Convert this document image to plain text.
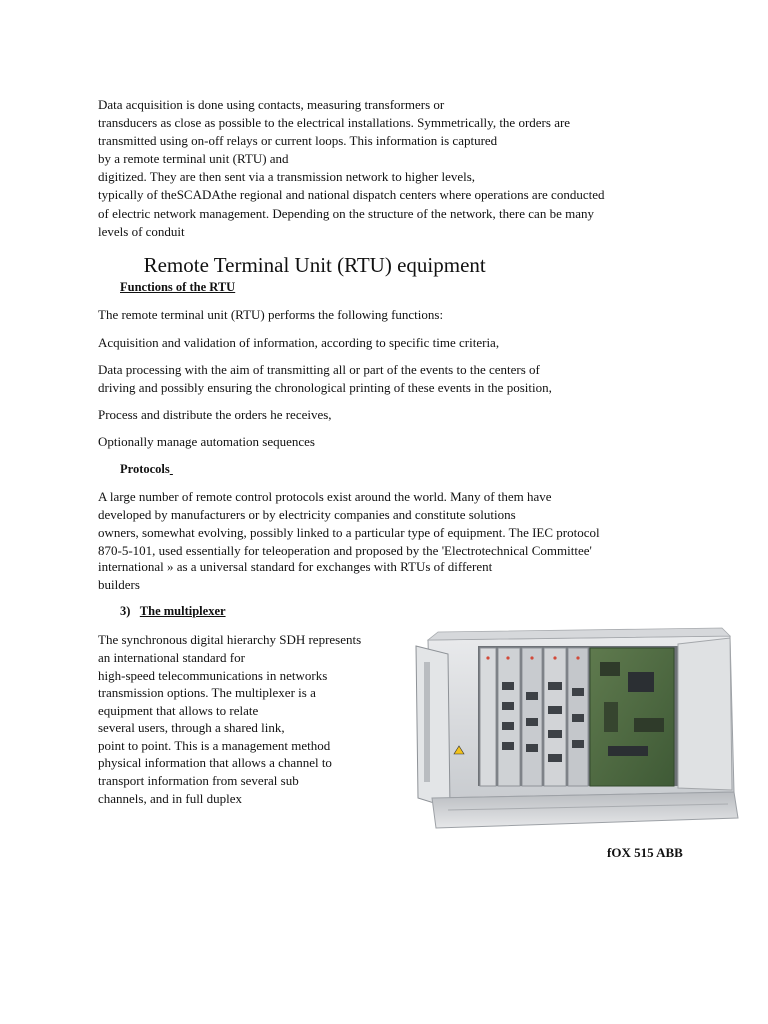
Data acquisition is done using contacts, measuring transformers or
transducers as close as possible to the electrical installations. Symmetrically, the orders are
transmitted using on-off relays or current loops. This information is captured
by a remote terminal unit (RTU) and
digitized. They are then sent via a transmission network to higher levels,
typically of theSCADAthe regional and national dispatch centers where operations are conducted
of electric network management. Depending on the structure of the network, there can be many
levels of conduit
Remote Terminal Unit (RTU) equipment
Functions of the RTU
The remote terminal unit (RTU) performs the following functions:
Acquisition and validation of information, according to specific time criteria,
Data processing with the aim of transmitting all or part of the events to the centers of
driving and possibly ensuring the chronological printing of these events in the position,
Process and distribute the orders he receives,
Optionally manage automation sequences
Protocols
A large number of remote control protocols exist around the world. Many of them have
developed by manufacturers or by electricity companies and constitute solutions
owners, somewhat evolving, possibly linked to a particular type of equipment. The IEC protocol
870-5-101, used essentially for teleoperation and proposed by the 'Electrotechnical Committee'
international » as a universal standard for exchanges with RTUs of different
builders
3) The multiplexer
The synchronous digital hierarchy SDH represents
an international standard for
high-speed telecommunications in networks
transmission options. The multiplexer is a
equipment that allows to relate
several users, through a shared link,
point to point. This is a management method
physical information that allows a channel to
transport information from several sub
channels, and in full duplex
fOX 515 ABB
